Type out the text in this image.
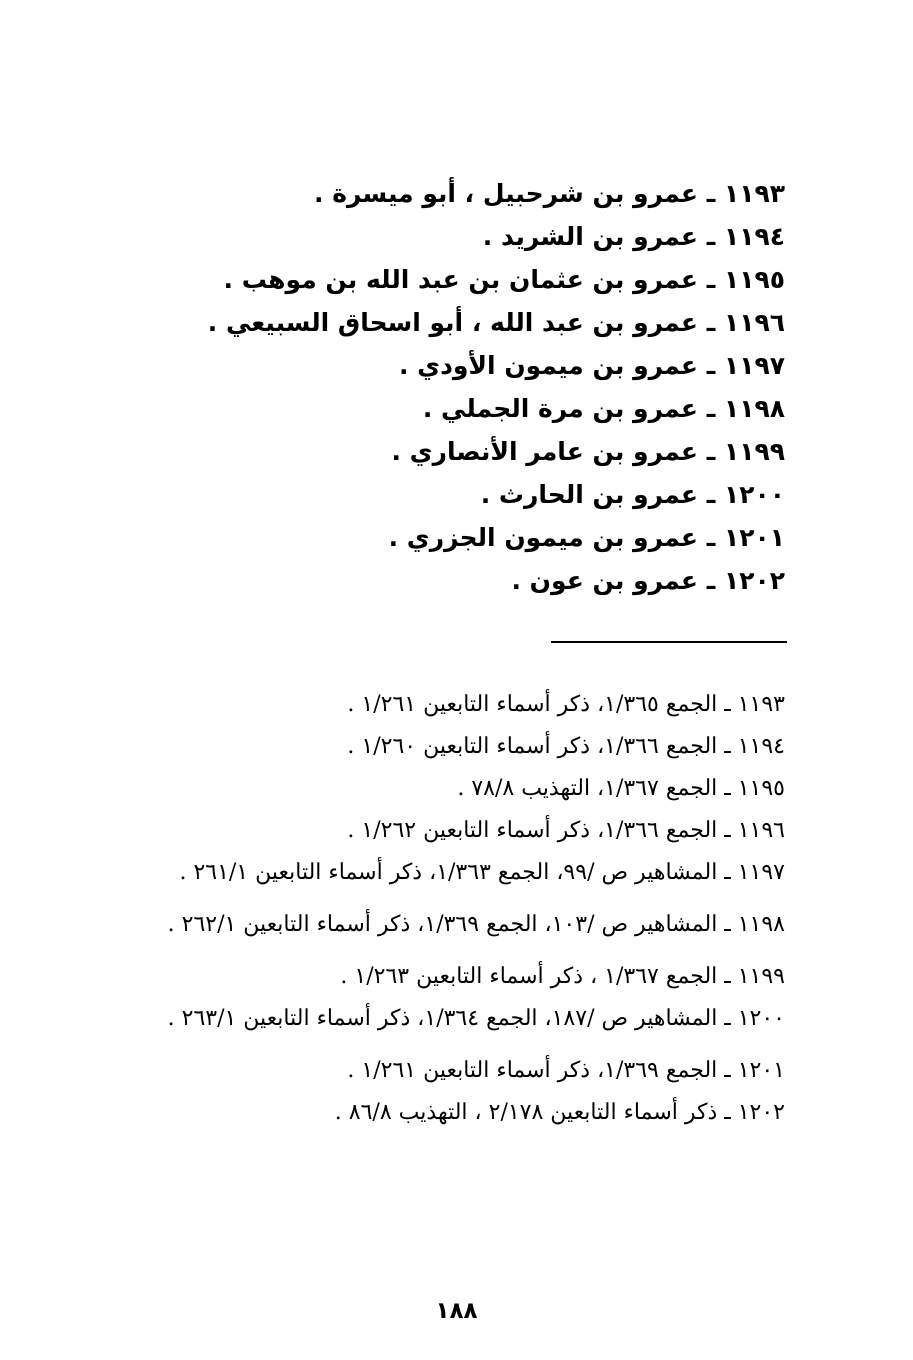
١١٩٣ ـ عمرو بن شرحبيل ، أبو ميسرة .
١١٩٤ ـ عمرو بن الشريد .
١١٩٥ ـ عمرو بن عثمان بن عبد الله بن موهب .
١١٩٦ ـ عمرو بن عبد الله ، أبو اسحاق السبيعي .
١١٩٧ ـ عمرو بن ميمون الأودي .
١١٩٨ ـ عمرو بن مرة الجملي .
١١٩٩ ـ عمرو بن عامر الأنصاري .
١٢٠٠ ـ عمرو بن الحارث .
١٢٠١ ـ عمرو بن ميمون الجزري .
١٢٠٢ ـ عمرو بن عون .
١١٩٣ ـ الجمع ١/٣٦٥، ذكر أسماء التابعين ١/٢٦١ .
١١٩٤ ـ الجمع ١/٣٦٦، ذكر أسماء التابعين ١/٢٦٠ .
١١٩٥ ـ الجمع ١/٣٦٧، التهذيب ٧٨/٨ .
١١٩٦ ـ الجمع ١/٣٦٦، ذكر أسماء التابعين ١/٢٦٢ .
١١٩٧ ـ المشاهير ص /٩٩، الجمع ١/٣٦٣، ذكر أسماء التابعين ٢٦١/١ .
١١٩٨ ـ المشاهير ص /١٠٣، الجمع ١/٣٦٩، ذكر أسماء التابعين ٢٦٢/١ .
١١٩٩ ـ الجمع ١/٣٦٧ ، ذكر أسماء التابعين ١/٢٦٣ .
١٢٠٠ ـ المشاهير ص /١٨٧، الجمع ١/٣٦٤، ذكر أسماء التابعين ٢٦٣/١ .
١٢٠١ ـ الجمع ١/٣٦٩، ذكر أسماء التابعين ١/٢٦١ .
١٢٠٢ ـ ذكر أسماء التابعين ٢/١٧٨ ، التهذيب ٨٦/٨ .
١٨٨
